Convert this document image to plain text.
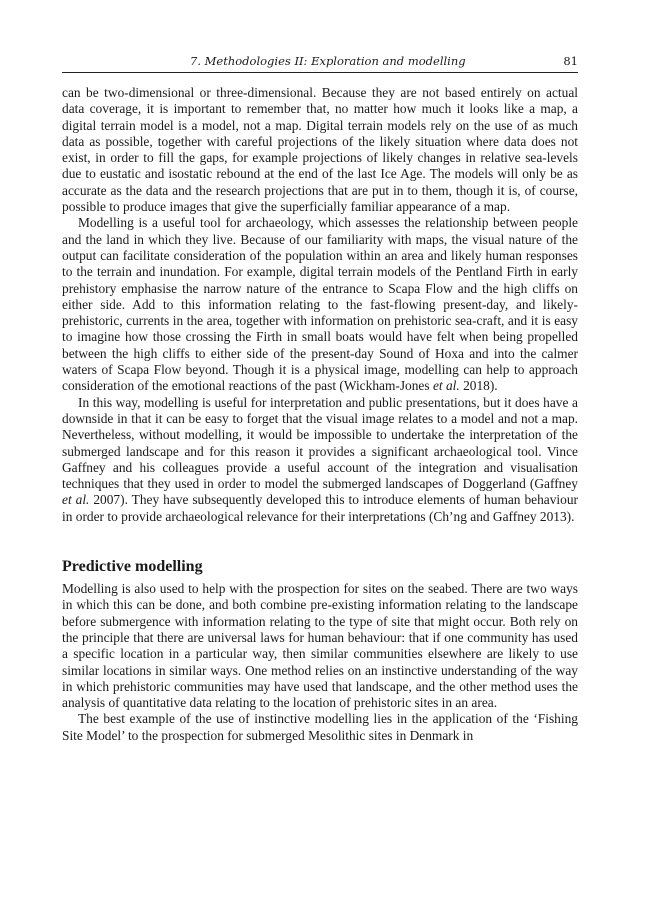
7. Methodologies II: Exploration and modelling	81

can be two-dimensional or three-dimensional. Because they are not based entirely on actual data coverage, it is important to remember that, no matter how much it looks like a map, a digital terrain model is a model, not a map. Digital terrain models rely on the use of as much data as possible, together with careful projections of the likely situation where data does not exist, in order to fill the gaps, for example projections of likely changes in relative sea-levels due to eustatic and isostatic rebound at the end of the last Ice Age. The models will only be as accurate as the data and the research projections that are put in to them, though it is, of course, possible to produce images that give the superficially familiar appearance of a map.

Modelling is a useful tool for archaeology, which assesses the relationship between people and the land in which they live. Because of our familiarity with maps, the visual nature of the output can facilitate consideration of the population within an area and likely human responses to the terrain and inundation. For example, digital terrain models of the Pentland Firth in early prehistory emphasise the narrow nature of the entrance to Scapa Flow and the high cliffs on either side. Add to this information relating to the fast-flowing present-day, and likely-prehistoric, currents in the area, together with information on prehistoric sea-craft, and it is easy to imagine how those crossing the Firth in small boats would have felt when being propelled between the high cliffs to either side of the present-day Sound of Hoxa and into the calmer waters of Scapa Flow beyond. Though it is a physical image, modelling can help to approach consideration of the emotional reactions of the past (Wickham-Jones et al. 2018).

In this way, modelling is useful for interpretation and public presentations, but it does have a downside in that it can be easy to forget that the visual image relates to a model and not a map. Nevertheless, without modelling, it would be impossible to undertake the interpretation of the submerged landscape and for this reason it provides a significant archaeological tool. Vince Gaffney and his colleagues provide a useful account of the integration and visualisation techniques that they used in order to model the submerged landscapes of Doggerland (Gaffney et al. 2007). They have subsequently developed this to introduce elements of human behaviour in order to provide archaeological relevance for their interpretations (Ch’ng and Gaffney 2013).

Predictive modelling

Modelling is also used to help with the prospection for sites on the seabed. There are two ways in which this can be done, and both combine pre-existing information relating to the landscape before submergence with information relating to the type of site that might occur. Both rely on the principle that there are universal laws for human behaviour: that if one community has used a specific location in a particular way, then similar communities elsewhere are likely to use similar locations in similar ways. One method relies on an instinctive understanding of the way in which prehistoric communities may have used that landscape, and the other method uses the analysis of quantitative data relating to the location of prehistoric sites in an area.

The best example of the use of instinctive modelling lies in the application of the ‘Fishing Site Model’ to the prospection for submerged Mesolithic sites in Denmark in
